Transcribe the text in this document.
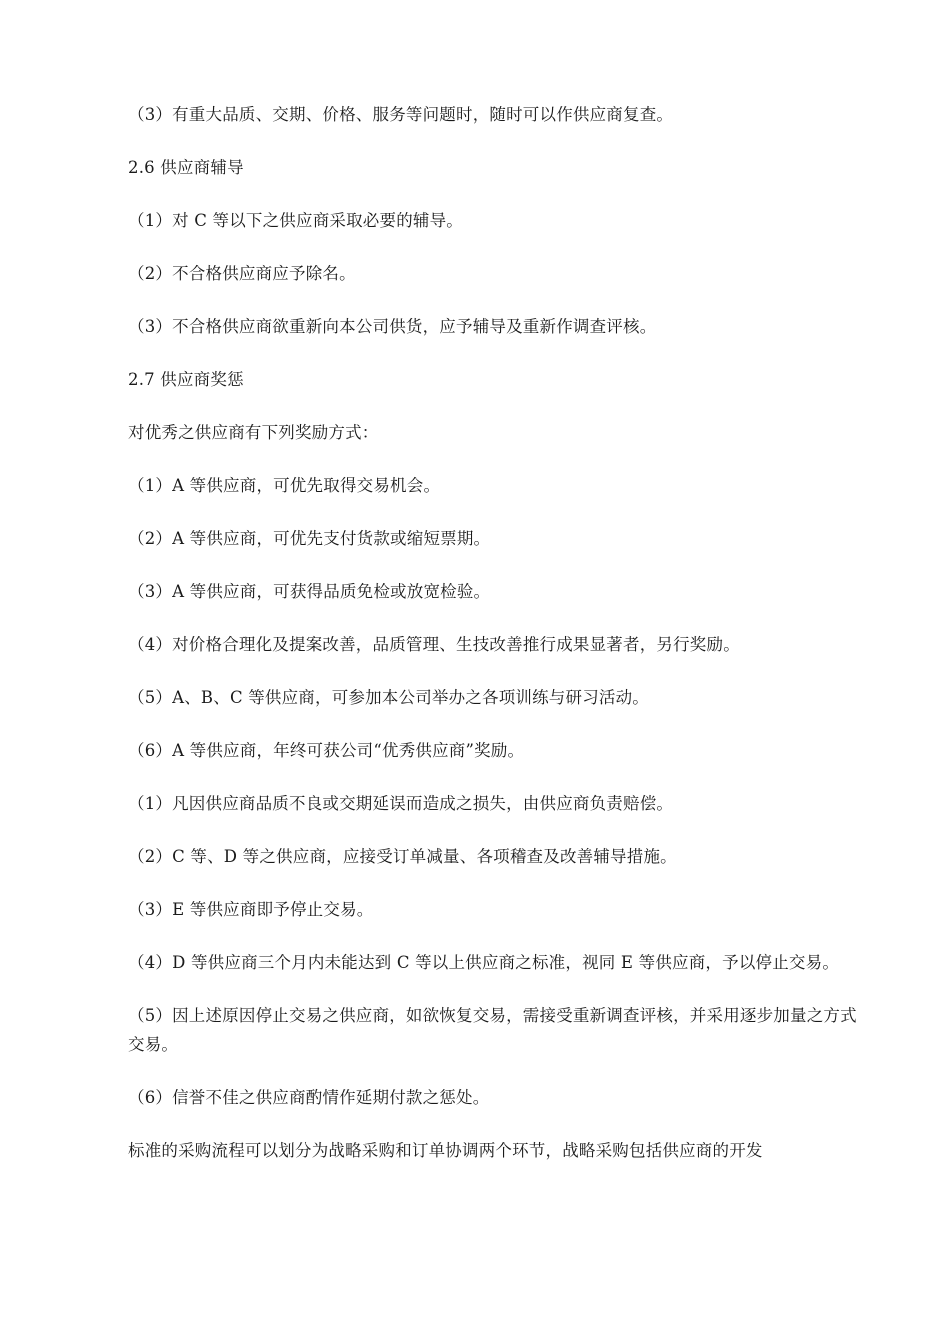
（3）有重大品质、交期、价格、服务等问题时，随时可以作供应商复查。

2.6 供应商辅导

（1）对 C 等以下之供应商采取必要的辅导。

（2）不合格供应商应予除名。

（3）不合格供应商欲重新向本公司供货，应予辅导及重新作调查评核。

2.7 供应商奖惩

对优秀之供应商有下列奖励方式：

（1）A 等供应商，可优先取得交易机会。

（2）A 等供应商，可优先支付货款或缩短票期。

（3）A 等供应商，可获得品质免检或放宽检验。

（4）对价格合理化及提案改善，品质管理、生技改善推行成果显著者，另行奖励。

（5）A、B、C 等供应商，可参加本公司举办之各项训练与研习活动。

（6）A 等供应商，年终可获公司“优秀供应商”奖励。

（1）凡因供应商品质不良或交期延误而造成之损失，由供应商负责赔偿。

（2）C 等、D 等之供应商，应接受订单减量、各项稽查及改善辅导措施。

（3）E 等供应商即予停止交易。

（4）D 等供应商三个月内未能达到 C 等以上供应商之标准，视同 E 等供应商，予以停止交易。

（5）因上述原因停止交易之供应商，如欲恢复交易，需接受重新调查评核，并采用逐步加量之方式交易。

（6）信誉不佳之供应商酌情作延期付款之惩处。

标准的采购流程可以划分为战略采购和订单协调两个环节，战略采购包括供应商的开发
